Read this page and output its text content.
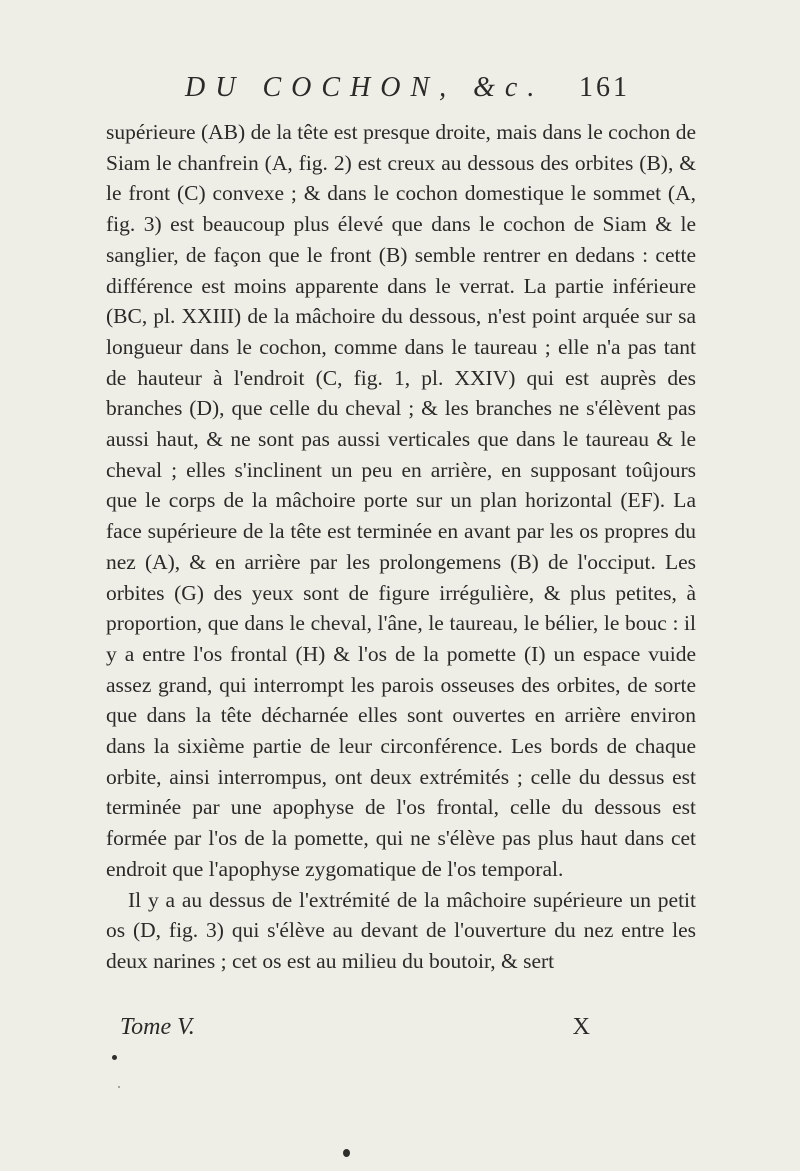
DU COCHON, &c. 161

supérieure (AB) de la tête est presque droite, mais dans le cochon de Siam le chanfrein (A, fig. 2) est creux au dessous des orbites (B), & le front (C) convexe ; & dans le cochon domestique le sommet (A, fig. 3) est beaucoup plus élevé que dans le cochon de Siam & le sanglier, de façon que le front (B) semble rentrer en dedans : cette différence est moins apparente dans le verrat. La partie inférieure (BC, pl. XXIII) de la mâchoire du dessous, n'est point arquée sur sa longueur dans le cochon, comme dans le taureau ; elle n'a pas tant de hauteur à l'endroit (C, fig. 1, pl. XXIV) qui est auprès des branches (D), que celle du cheval ; & les branches ne s'élèvent pas aussi haut, & ne sont pas aussi verticales que dans le taureau & le cheval ; elles s'inclinent un peu en arrière, en supposant toûjours que le corps de la mâchoire porte sur un plan horizontal (EF). La face supérieure de la tête est terminée en avant par les os propres du nez (A), & en arrière par les prolongemens (B) de l'occiput. Les orbites (G) des yeux sont de figure irrégulière, & plus petites, à proportion, que dans le cheval, l'âne, le taureau, le bélier, le bouc : il y a entre l'os frontal (H) & l'os de la pomette (I) un espace vuide assez grand, qui interrompt les parois osseuses des orbites, de sorte que dans la tête décharnée elles sont ouvertes en arrière environ dans la sixième partie de leur circonférence. Les bords de chaque orbite, ainsi interrompus, ont deux extrémités ; celle du dessus est terminée par une apophyse de l'os frontal, celle du dessous est formée par l'os de la pomette, qui ne s'élève pas plus haut dans cet endroit que l'apophyse zygomatique de l'os temporal.

Il y a au dessus de l'extrémité de la mâchoire supérieure un petit os (D, fig. 3) qui s'élève au devant de l'ouverture du nez entre les deux narines ; cet os est au milieu du boutoir, & sert

Tome V.	X
